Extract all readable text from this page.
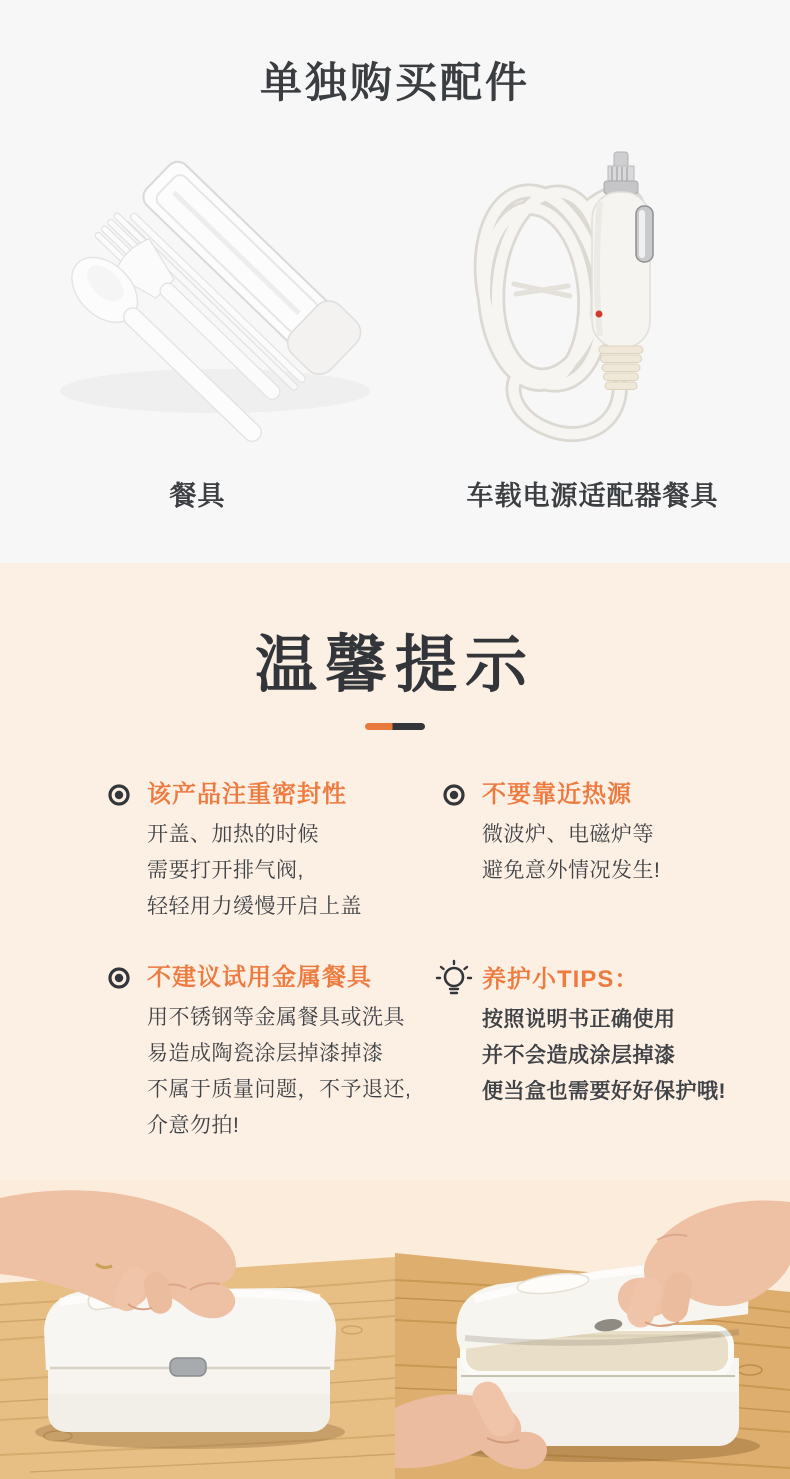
单独购买配件
餐具	车载电源适配器餐具
温馨提示
该产品注重密封性
开盖、加热的时候
需要打开排气阀,
轻轻用力缓慢开启上盖
不要靠近热源
微波炉、电磁炉等
避免意外情况发生!
不建议试用金属餐具
用不锈钢等金属餐具或洗具
易造成陶瓷涂层掉漆掉漆
不属于质量问题，不予退还,
介意勿拍!
养护小TIPS：
按照说明书正确使用
并不会造成涂层掉漆
便当盒也需要好好保护哦!
